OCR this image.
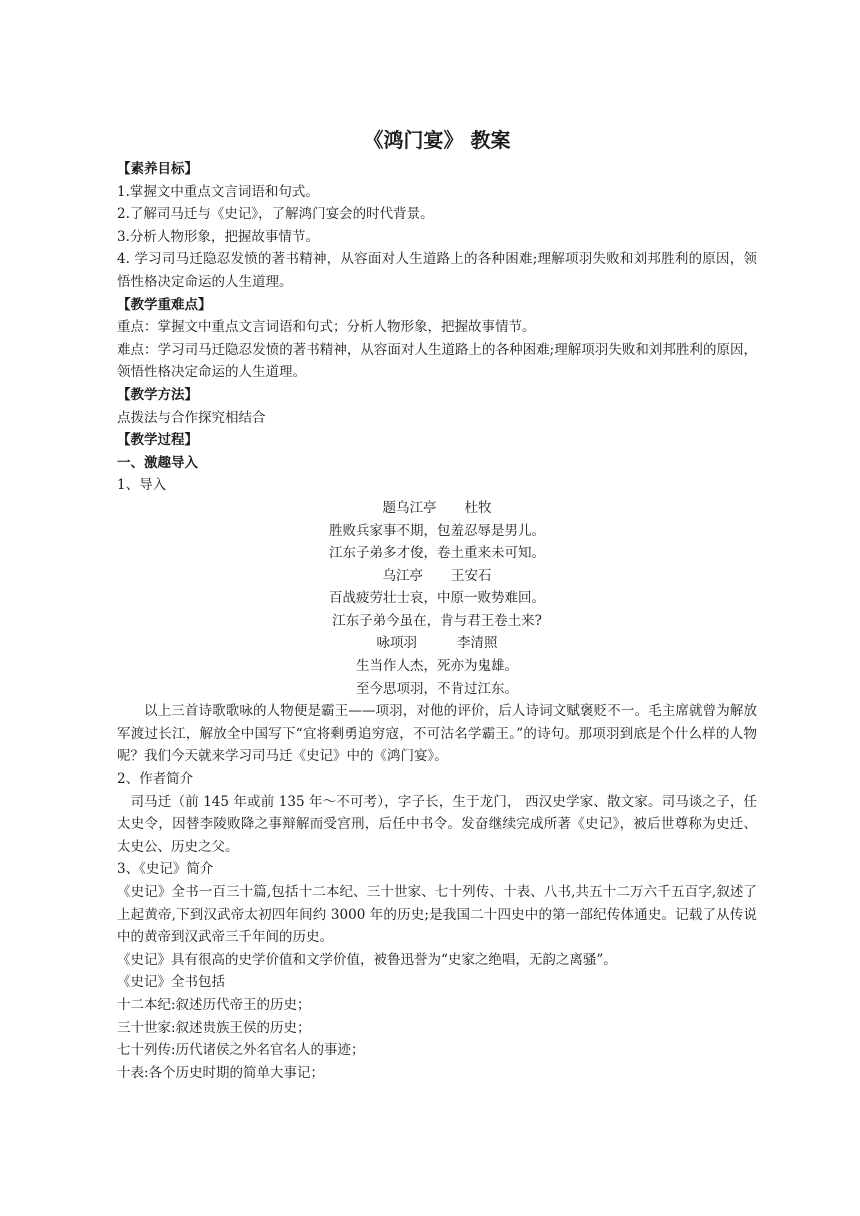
《鸿门宴》 教案
【素养目标】
1.掌握文中重点文言词语和句式。
2.了解司马迁与《史记》，了解鸿门宴会的时代背景。
3.分析人物形象，把握故事情节。
4. 学习司马迁隐忍发愤的著书精神，从容面对人生道路上的各种困难;理解项羽失败和刘邦胜利的原因，领悟性格决定命运的人生道理。
【教学重难点】
重点：掌握文中重点文言词语和句式；分析人物形象，把握故事情节。
难点：学习司马迁隐忍发愤的著书精神，从容面对人生道路上的各种困难;理解项羽失败和刘邦胜利的原因，领悟性格决定命运的人生道理。
【教学方法】
点拨法与合作探究相结合
【教学过程】
一、激趣导入
1、导入
题乌江亭 杜牧
胜败兵家事不期，包羞忍辱是男儿。
江东子弟多才俊，卷土重来未可知。
乌江亭 王安石
百战疲劳壮士哀，中原一败势难回。
江东子弟今虽在，肯与君王卷土来?
咏项羽	李清照
生当作人杰，死亦为鬼雄。
至今思项羽，不肯过江东。
以上三首诗歌歌咏的人物便是霸王——项羽，对他的评价，后人诗词文赋褒贬不一。毛主席就曾为解放军渡过长江，解放全中国写下“宜将剩勇追穷寇，不可沽名学霸王。”的诗句。那项羽到底是个什么样的人物呢？我们今天就来学习司马迁《史记》中的《鸿门宴》。
2、作者简介
司马迁（前 145 年或前 135 年～不可考），字子长，生于龙门， 西汉史学家、散文家。司马谈之子，任太史令，因替李陵败降之事辩解而受宫刑，后任中书令。发奋继续完成所著《史记》，被后世尊称为史迁、太史公、历史之父。
3、《史记》简介
《史记》全书一百三十篇,包括十二本纪、三十世家、七十列传、十表、八书,共五十二万六千五百字,叙述了上起黄帝,下到汉武帝太初四年间约 3000 年的历史;是我国二十四史中的第一部纪传体通史。记载了从传说中的黄帝到汉武帝三千年间的历史。
《史记》具有很高的史学价值和文学价值，被鲁迅誉为“史家之绝唱，无韵之离骚”。
《史记》全书包括
十二本纪:叙述历代帝王的历史；
三十世家:叙述贵族王侯的历史；
七十列传:历代诸侯之外名官名人的事迹；
十表:各个历史时期的简单大事记；
